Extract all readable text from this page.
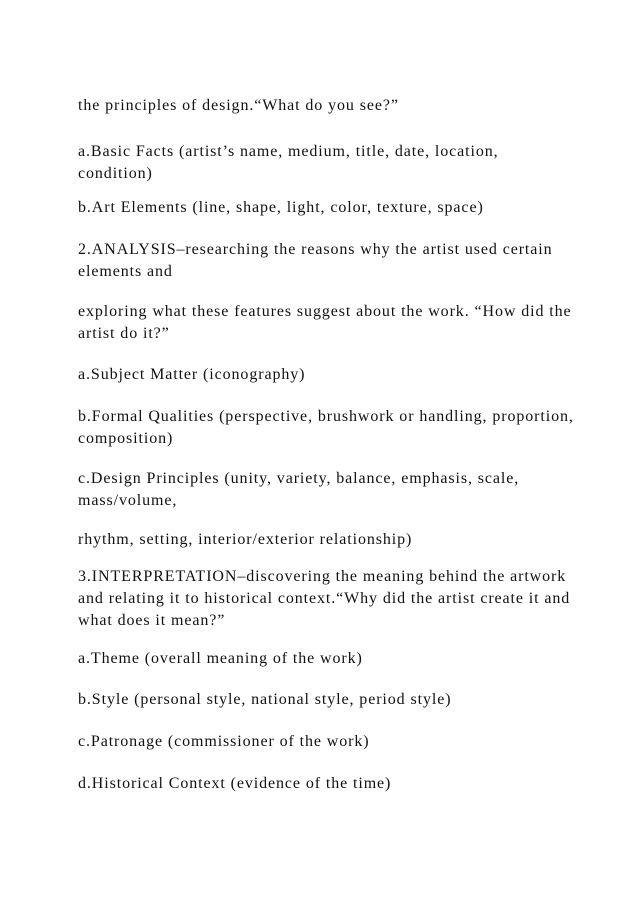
the principles of design.“What do you see?”

a.Basic Facts (artist’s name, medium, title, date, location, condition)

b.Art Elements (line, shape, light, color, texture, space)

2.ANALYSIS–researching the reasons why the artist used certain elements and

exploring what these features suggest about the work. “How did the artist do it?”

a.Subject Matter (iconography)

b.Formal Qualities (perspective, brushwork or handling, proportion, composition)

c.Design Principles (unity, variety, balance, emphasis, scale, mass/volume,

rhythm, setting, interior/exterior relationship)

3.INTERPRETATION–discovering the meaning behind the artwork and relating it to historical context.“Why did the artist create it and what does it mean?”

a.Theme (overall meaning of the work)

b.Style (personal style, national style, period style)

c.Patronage (commissioner of the work)

d.Historical Context (evidence of the time)
